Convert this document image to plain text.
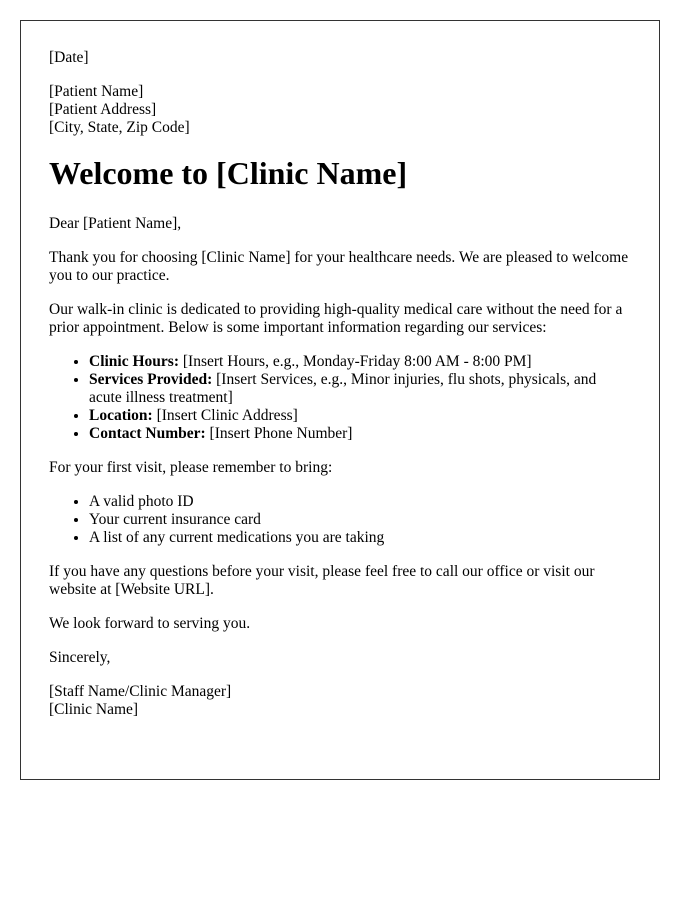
[Date]

[Patient Name]

[Patient Address]

[City, State, Zip Code]

Welcome to [Clinic Name]

Dear [Patient Name],

Thank you for choosing [Clinic Name] for your healthcare needs. We are pleased to welcome you to our practice.

Our walk-in clinic is dedicated to providing high-quality medical care without the need for a prior appointment. Below is some important information regarding our services:

• Clinic Hours: [Insert Hours, e.g., Monday-Friday 8:00 AM - 8:00 PM]
• Services Provided: [Insert Services, e.g., Minor injuries, flu shots, physicals, and acute illness treatment]
• Location: [Insert Clinic Address]
• Contact Number: [Insert Phone Number]

For your first visit, please remember to bring:

• A valid photo ID
• Your current insurance card
• A list of any current medications you are taking

If you have any questions before your visit, please feel free to call our office or visit our website at [Website URL].

We look forward to serving you.

Sincerely,

[Staff Name/Clinic Manager]

[Clinic Name]
